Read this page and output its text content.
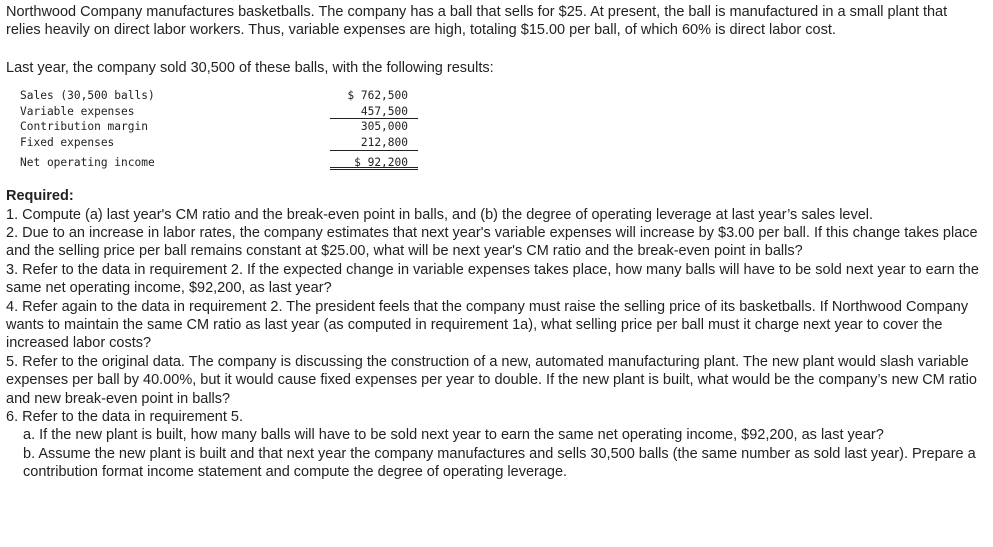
Northwood Company manufactures basketballs. The company has a ball that sells for $25. At present, the ball is manufactured in a small plant that relies heavily on direct labor workers. Thus, variable expenses are high, totaling $15.00 per ball, of which 60% is direct labor cost.

Last year, the company sold 30,500 of these balls, with the following results:

Sales (30,500 balls)	$ 762,500
Variable expenses	457,500
Contribution margin	305,000
Fixed expenses	212,800
Net operating income	$ 92,200

Required:

1. Compute (a) last year's CM ratio and the break-even point in balls, and (b) the degree of operating leverage at last year’s sales level.

2. Due to an increase in labor rates, the company estimates that next year's variable expenses will increase by $3.00 per ball. If this change takes place and the selling price per ball remains constant at $25.00, what will be next year's CM ratio and the break-even point in balls?

3. Refer to the data in requirement 2. If the expected change in variable expenses takes place, how many balls will have to be sold next year to earn the same net operating income, $92,200, as last year?

4. Refer again to the data in requirement 2. The president feels that the company must raise the selling price of its basketballs. If Northwood Company wants to maintain the same CM ratio as last year (as computed in requirement 1a), what selling price per ball must it charge next year to cover the increased labor costs?

5. Refer to the original data. The company is discussing the construction of a new, automated manufacturing plant. The new plant would slash variable expenses per ball by 40.00%, but it would cause fixed expenses per year to double. If the new plant is built, what would be the company’s new CM ratio and new break-even point in balls?

6. Refer to the data in requirement 5.

a. If the new plant is built, how many balls will have to be sold next year to earn the same net operating income, $92,200, as last year?

b. Assume the new plant is built and that next year the company manufactures and sells 30,500 balls (the same number as sold last year). Prepare a contribution format income statement and compute the degree of operating leverage.
